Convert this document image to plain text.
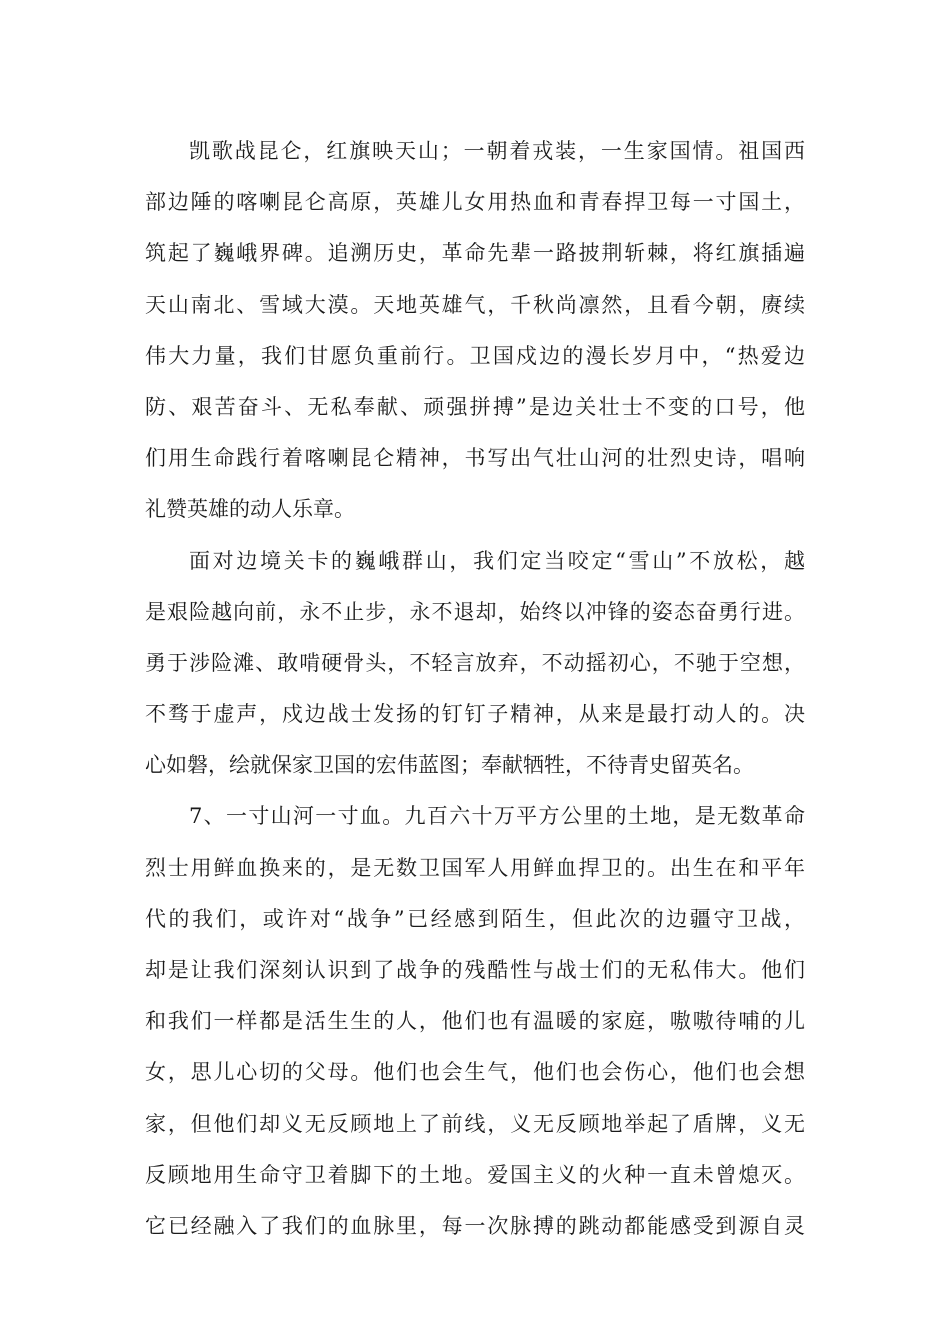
凯歌战昆仑，红旗映天山；一朝着戎装，一生家国情。祖国西
部边陲的喀喇昆仑高原，英雄儿女用热血和青春捍卫每一寸国土，
筑起了巍峨界碑。追溯历史，革命先辈一路披荆斩棘，将红旗插遍
天山南北、雪域大漠。天地英雄气，千秋尚凛然，且看今朝，赓续
伟大力量，我们甘愿负重前行。卫国戍边的漫长岁月中，“热爱边
防、艰苦奋斗、无私奉献、顽强拼搏”是边关壮士不变的口号，他
们用生命践行着喀喇昆仑精神，书写出气壮山河的壮烈史诗，唱响
礼赞英雄的动人乐章。
面对边境关卡的巍峨群山，我们定当咬定“雪山”不放松，越
是艰险越向前，永不止步，永不退却，始终以冲锋的姿态奋勇行进。
勇于涉险滩、敢啃硬骨头，不轻言放弃，不动摇初心，不驰于空想，
不骛于虚声，戍边战士发扬的钉钉子精神，从来是最打动人的。决
心如磐，绘就保家卫国的宏伟蓝图；奉献牺牲，不待青史留英名。
7、一寸山河一寸血。九百六十万平方公里的土地，是无数革命
烈士用鲜血换来的，是无数卫国军人用鲜血捍卫的。出生在和平年
代的我们，或许对“战争”已经感到陌生，但此次的边疆守卫战，
却是让我们深刻认识到了战争的残酷性与战士们的无私伟大。他们
和我们一样都是活生生的人，他们也有温暖的家庭，嗷嗷待哺的儿
女，思儿心切的父母。他们也会生气，他们也会伤心，他们也会想
家，但他们却义无反顾地上了前线，义无反顾地举起了盾牌，义无
反顾地用生命守卫着脚下的土地。爱国主义的火种一直未曾熄灭。
它已经融入了我们的血脉里，每一次脉搏的跳动都能感受到源自灵
